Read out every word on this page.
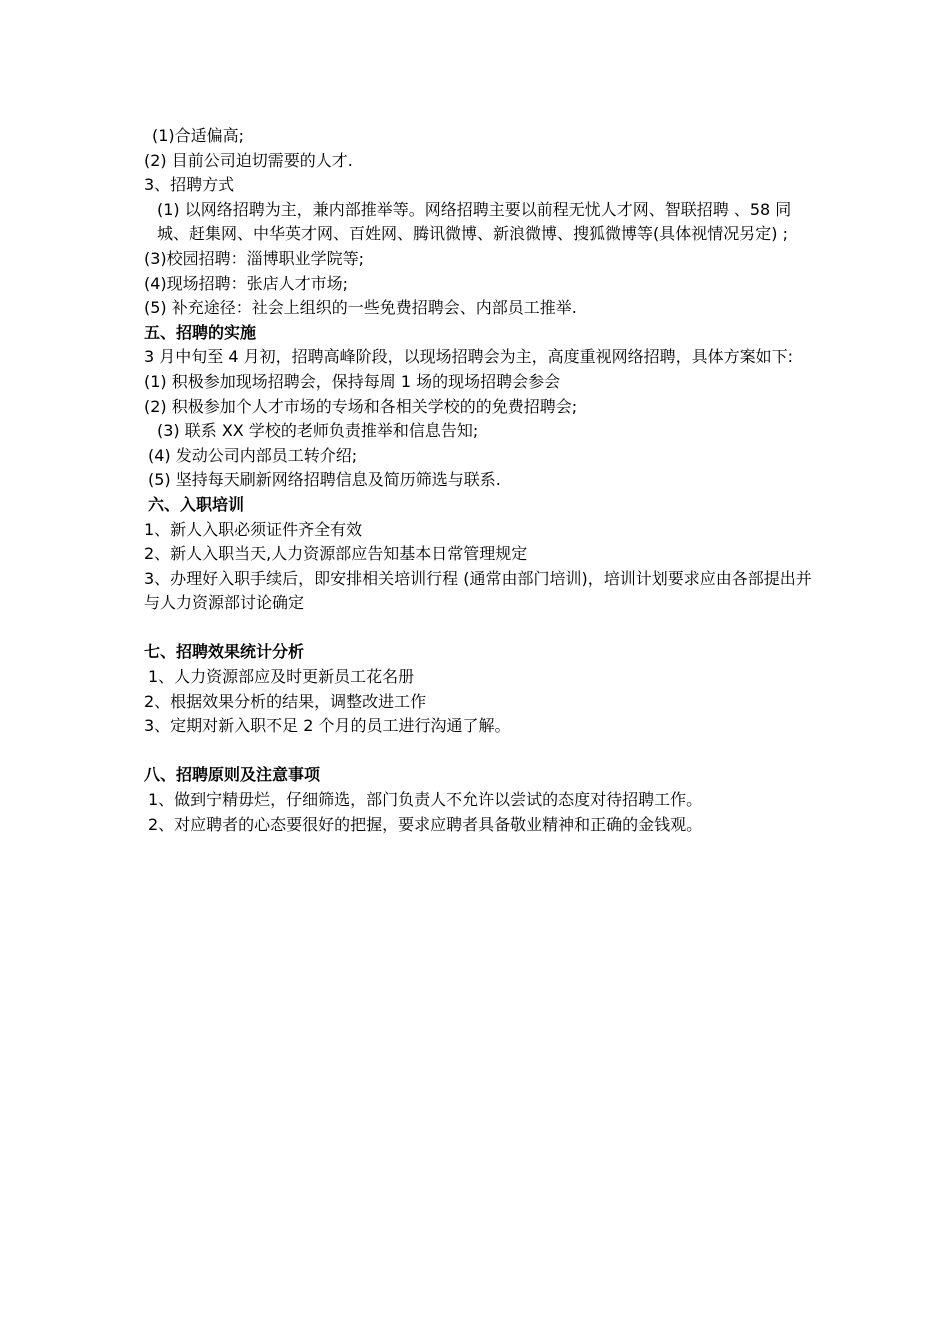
(1)合适偏高;

(2) 目前公司迫切需要的人才.

3、招聘方式

(1) 以网络招聘为主，兼内部推举等。网络招聘主要以前程无忧人才网、智联招聘 、58 同城、赶集网、中华英才网、百姓网、腾讯微博、新浪微博、搜狐微博等(具体视情况另定) ;

(3)校园招聘：淄博职业学院等;

(4)现场招聘：张店人才市场;

(5) 补充途径：社会上组织的一些免费招聘会、内部员工推举.

五、招聘的实施

3 月中旬至 4 月初，招聘高峰阶段，以现场招聘会为主，高度重视网络招聘，具体方案如下:

(1) 积极参加现场招聘会，保持每周 1 场的现场招聘会参会

(2) 积极参加个人才市场的专场和各相关学校的的免费招聘会;

(3) 联系 XX 学校的老师负责推举和信息告知;

(4) 发动公司内部员工转介绍;

(5) 坚持每天刷新网络招聘信息及简历筛选与联系.

六、入职培训

1、新人入职必须证件齐全有效

2、新人入职当天,人力资源部应告知基本日常管理规定

3、办理好入职手续后，即安排相关培训行程 (通常由部门培训)，培训计划要求应由各部提出并与人力资源部讨论确定

七、招聘效果统计分析

1、人力资源部应及时更新员工花名册

2、根据效果分析的结果，调整改进工作

3、定期对新入职不足 2 个月的员工进行沟通了解。

八、招聘原则及注意事项

1、做到宁精毋烂，仔细筛选，部门负责人不允许以尝试的态度对待招聘工作。

2、对应聘者的心态要很好的把握，要求应聘者具备敬业精神和正确的金钱观。
